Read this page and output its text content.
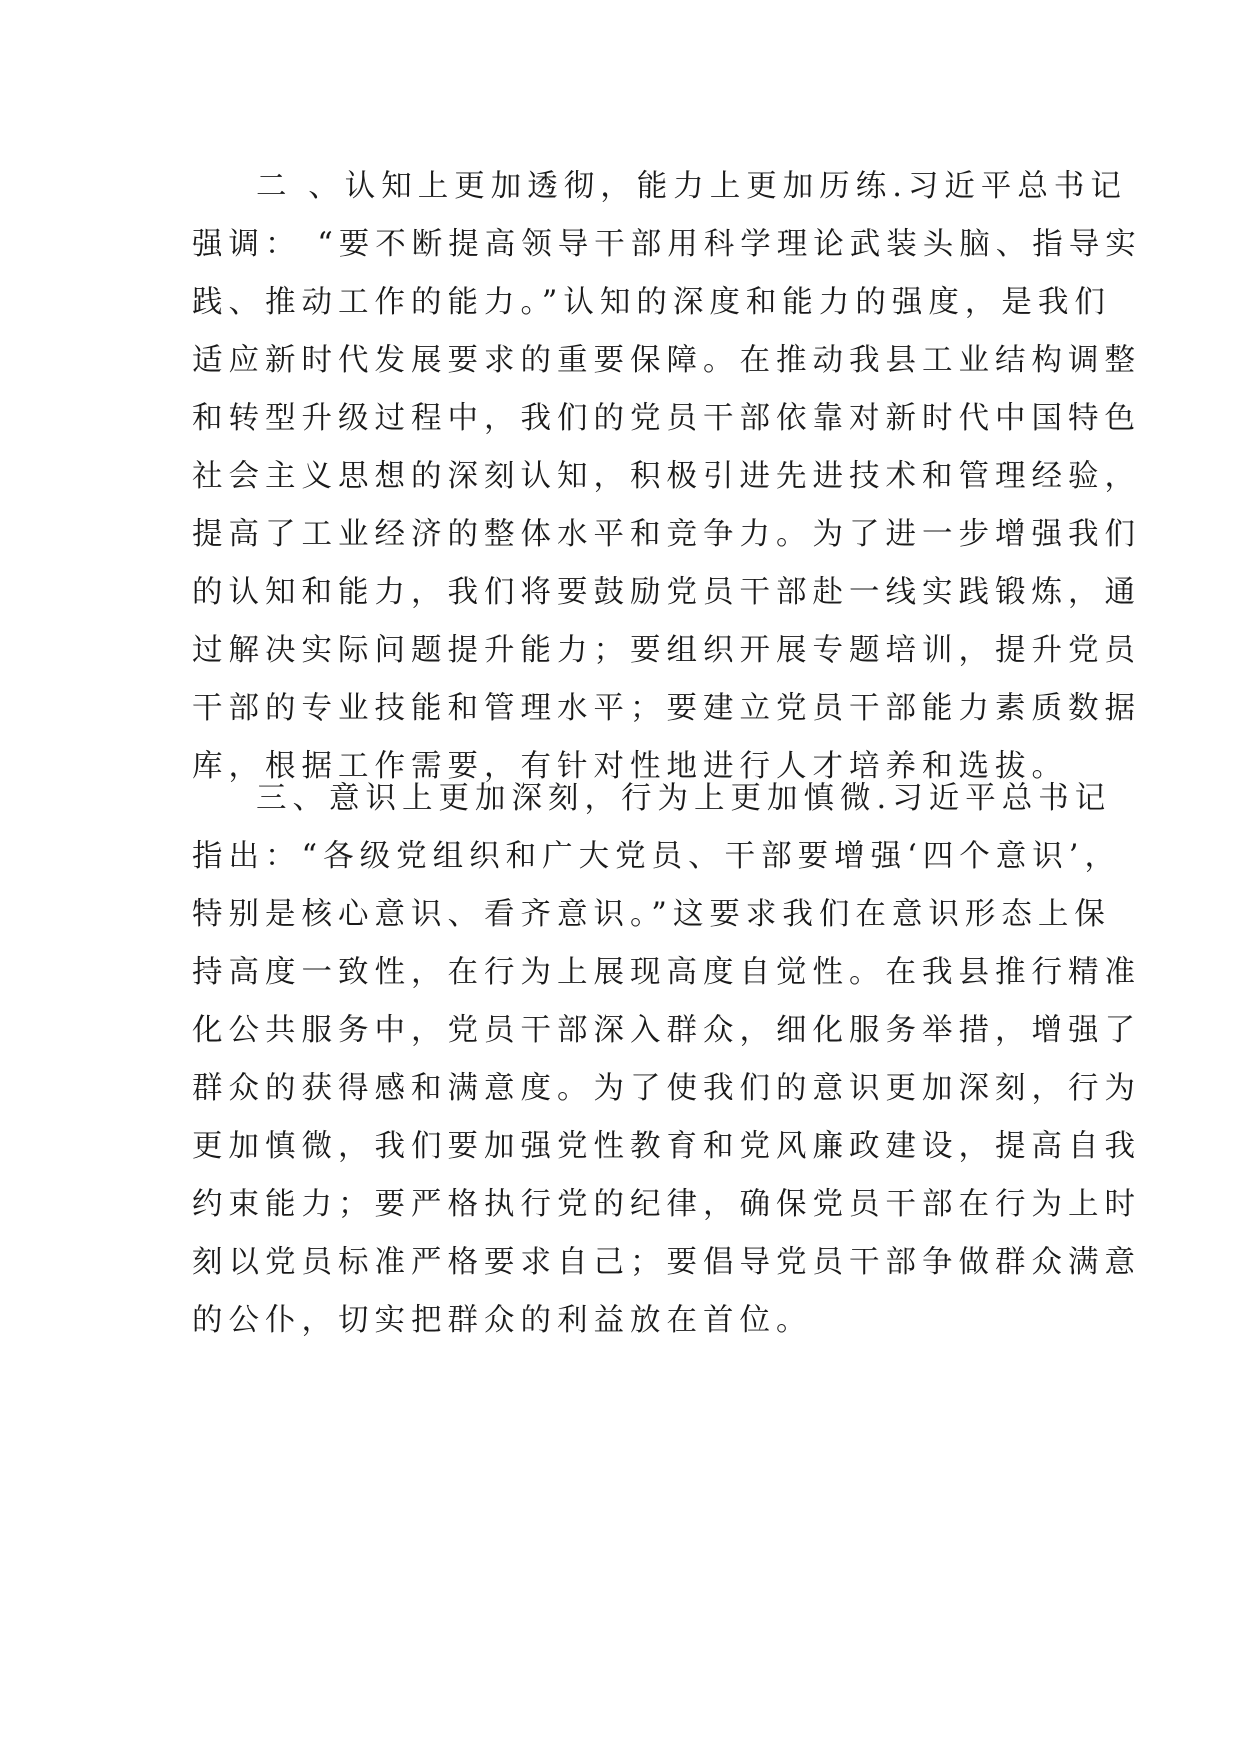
二 、认知上更加透彻，能力上更加历练.习近平总书记
强调： “要不断提高领导干部用科学理论武装头脑、指导实
践、推动工作的能力。”认知的深度和能力的强度，是我们
适应新时代发展要求的重要保障。在推动我县工业结构调整
和转型升级过程中，我们的党员干部依靠对新时代中国特色
社会主义思想的深刻认知，积极引进先进技术和管理经验，
提高了工业经济的整体水平和竞争力。为了进一步增强我们
的认知和能力，我们将要鼓励党员干部赴一线实践锻炼，通
过解决实际问题提升能力；要组织开展专题培训，提升党员
干部的专业技能和管理水平；要建立党员干部能力素质数据
库，根据工作需要，有针对性地进行人才培养和选拔。
三、意识上更加深刻，行为上更加慎微.习近平总书记
指出：“各级党组织和广大党员、干部要增强‘四个意识’，
特别是核心意识、看齐意识。”这要求我们在意识形态上保
持高度一致性，在行为上展现高度自觉性。在我县推行精准
化公共服务中，党员干部深入群众，细化服务举措，增强了
群众的获得感和满意度。为了使我们的意识更加深刻，行为
更加慎微，我们要加强党性教育和党风廉政建设，提高自我
约束能力；要严格执行党的纪律，确保党员干部在行为上时
刻以党员标准严格要求自己；要倡导党员干部争做群众满意
的公仆，切实把群众的利益放在首位。
